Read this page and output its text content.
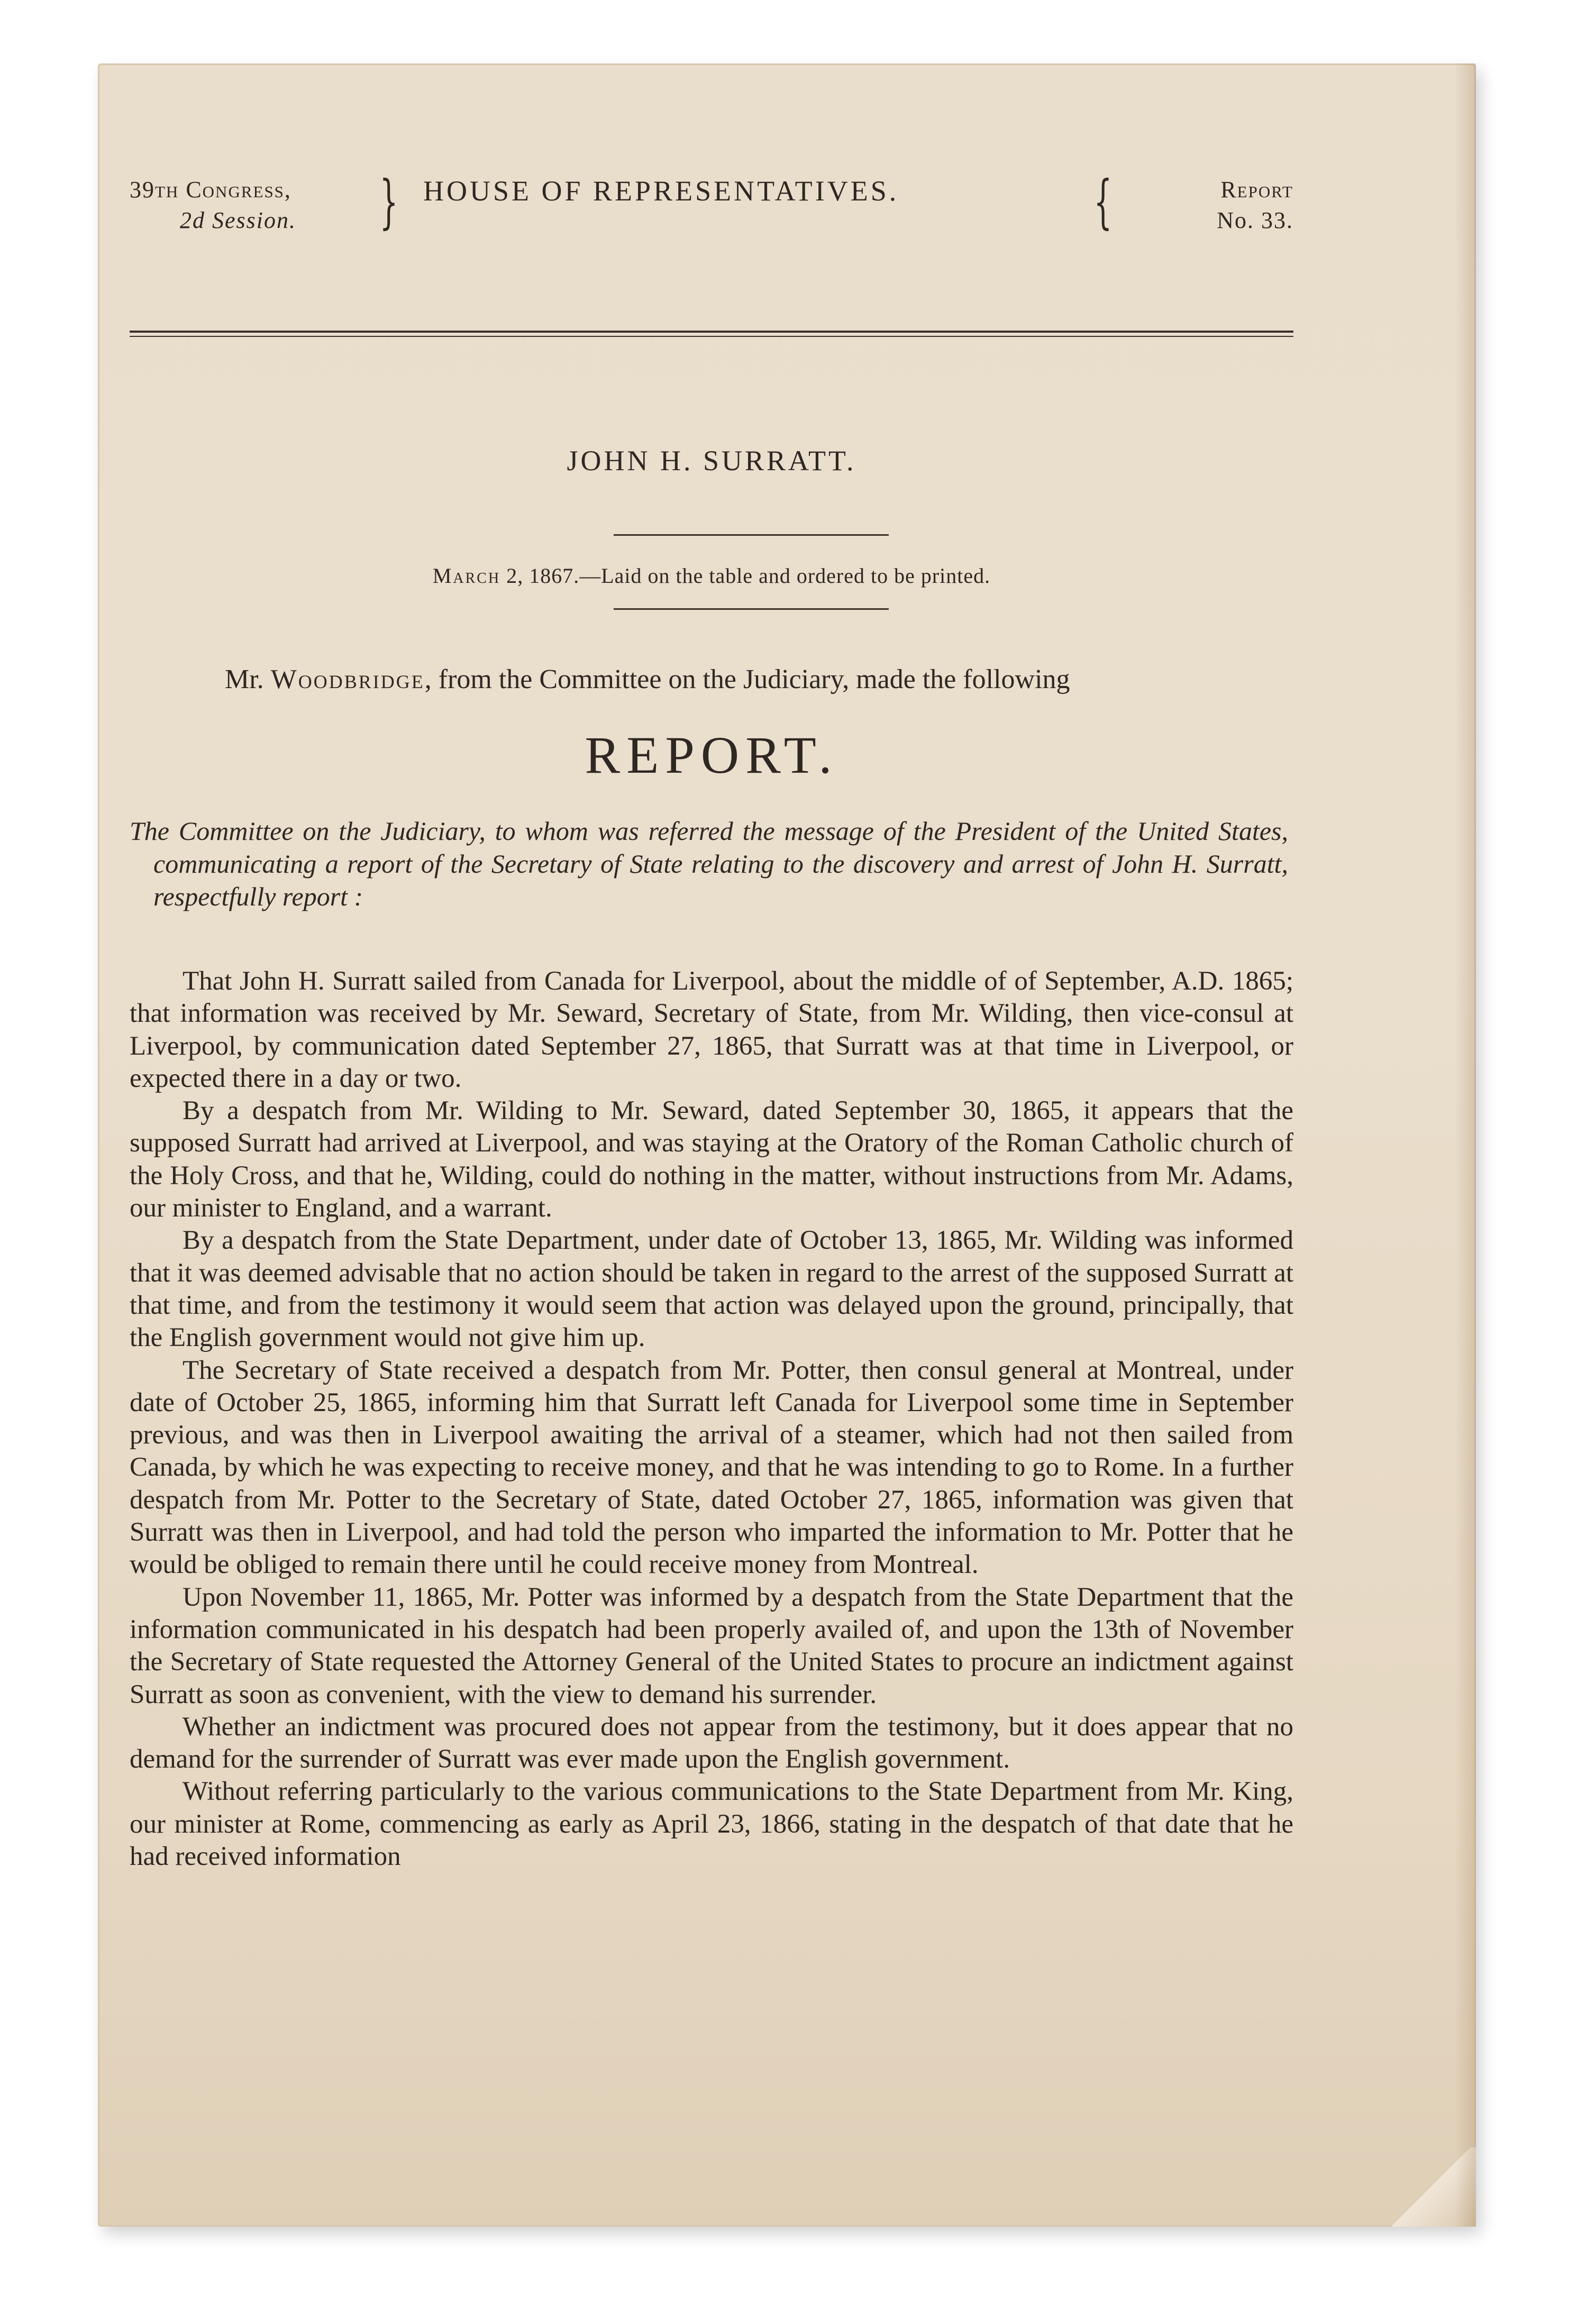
39th Congress,
2d Session. } HOUSE OF REPRESENTATIVES.	{	Report
No. 33.
JOHN H. SURRATT.
March 2, 1867.—Laid on the table and ordered to be printed.
Mr. Woodbridge, from the Committee on the Judiciary, made the following
REPORT.
The Committee on the Judiciary, to whom was referred the message of the President of the United States, communicating a report of the Secretary of State relating to the discovery and arrest of John H. Surratt, respectfully report :

That John H. Surratt sailed from Canada for Liverpool, about the middle of of September, A.D. 1865; that information was received by Mr. Seward, Secretary of State, from Mr. Wilding, then vice-consul at Liverpool, by communication dated September 27, 1865, that Surratt was at that time in Liverpool, or expected there in a day or two.

By a despatch from Mr. Wilding to Mr. Seward, dated September 30, 1865, it appears that the supposed Surratt had arrived at Liverpool, and was staying at the Oratory of the Roman Catholic church of the Holy Cross, and that he, Wilding, could do nothing in the matter, without instructions from Mr. Adams, our minister to England, and a warrant.

By a despatch from the State Department, under date of October 13, 1865, Mr. Wilding was informed that it was deemed advisable that no action should be taken in regard to the arrest of the supposed Surratt at that time, and from the testimony it would seem that action was delayed upon the ground, principally, that the English government would not give him up.

The Secretary of State received a despatch from Mr. Potter, then consul general at Montreal, under date of October 25, 1865, informing him that Surratt left Canada for Liverpool some time in September previous, and was then in Liverpool awaiting the arrival of a steamer, which had not then sailed from Canada, by which he was expecting to receive money, and that he was intending to go to Rome. In a further despatch from Mr. Potter to the Secretary of State, dated October 27, 1865, information was given that Surratt was then in Liverpool, and had told the person who imparted the information to Mr. Potter that he would be obliged to remain there until he could receive money from Montreal.

Upon November 11, 1865, Mr. Potter was informed by a despatch from the State Department that the information communicated in his despatch had been properly availed of, and upon the 13th of November the Secretary of State requested the Attorney General of the United States to procure an indictment against Surratt as soon as convenient, with the view to demand his surrender.

Whether an indictment was procured does not appear from the testimony, but it does appear that no demand for the surrender of Surratt was ever made upon the English government.

Without referring particularly to the various communications to the State Department from Mr. King, our minister at Rome, commencing as early as April 23, 1866, stating in the despatch of that date that he had received information
